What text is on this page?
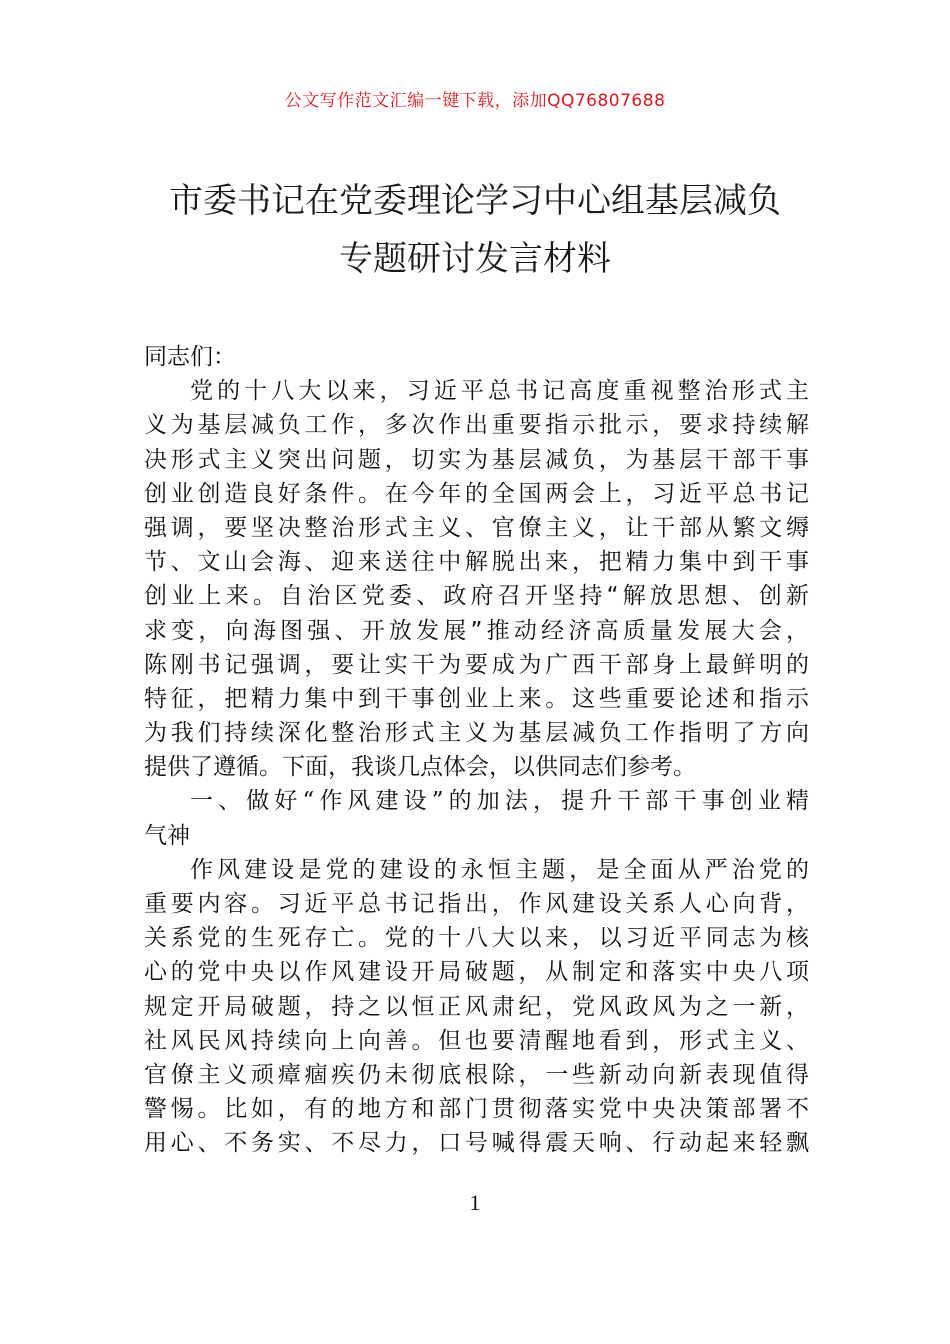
公文写作范文汇编一键下载，添加QQ76807688
市委书记在党委理论学习中心组基层减负
专题研讨发言材料
同志们：
党的十八大以来，习近平总书记高度重视整治形式主
义为基层减负工作，多次作出重要指示批示，要求持续解
决形式主义突出问题，切实为基层减负，为基层干部干事
创业创造良好条件。在今年的全国两会上，习近平总书记
强调，要坚决整治形式主义、官僚主义，让干部从繁文缛
节、文山会海、迎来送往中解脱出来，把精力集中到干事
创业上来。自治区党委、政府召开坚持“解放思想、创新
求变，向海图强、开放发展”推动经济高质量发展大会，
陈刚书记强调，要让实干为要成为广西干部身上最鲜明的
特征，把精力集中到干事创业上来。这些重要论述和指示
为我们持续深化整治形式主义为基层减负工作指明了方向
提供了遵循。下面，我谈几点体会，以供同志们参考。
一、做好“作风建设”的加法，提升干部干事创业精
气神
作风建设是党的建设的永恒主题，是全面从严治党的
重要内容。习近平总书记指出，作风建设关系人心向背，
关系党的生死存亡。党的十八大以来，以习近平同志为核
心的党中央以作风建设开局破题，从制定和落实中央八项
规定开局破题，持之以恒正风肃纪，党风政风为之一新，
社风民风持续向上向善。但也要清醒地看到，形式主义、
官僚主义顽瘴痼疾仍未彻底根除，一些新动向新表现值得
警惕。比如，有的地方和部门贯彻落实党中央决策部署不
用心、不务实、不尽力，口号喊得震天响、行动起来轻飘
1
